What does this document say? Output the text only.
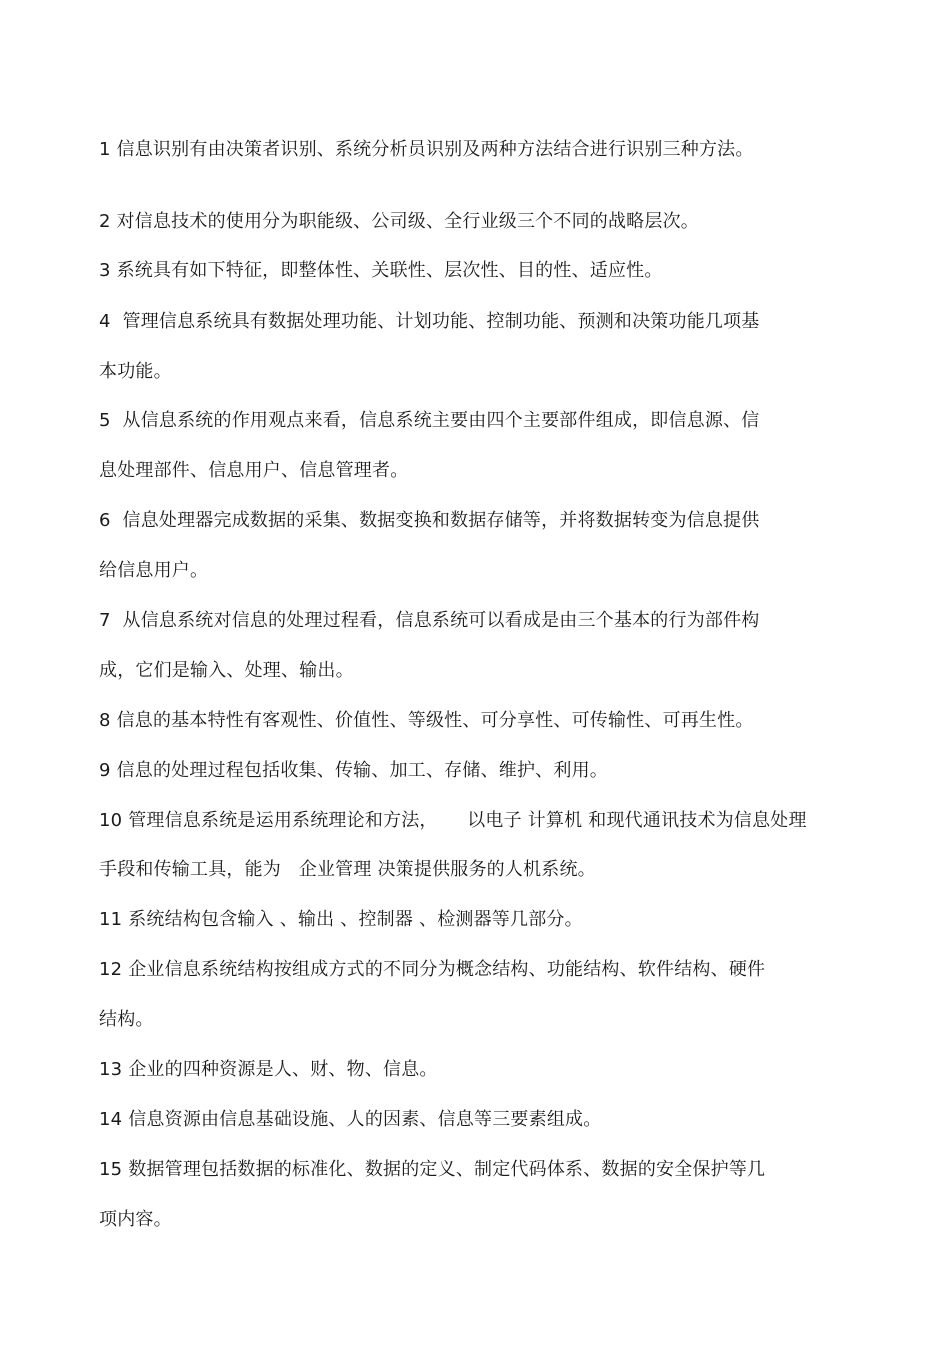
1 信息识别有由决策者识别、系统分析员识别及两种方法结合进行识别三种方法。
2 对信息技术的使用分为职能级、公司级、全行业级三个不同的战略层次。
3 系统具有如下特征，即整体性、关联性、层次性、目的性、适应性。
4  管理信息系统具有数据处理功能、计划功能、控制功能、预测和决策功能几项基
本功能。
5  从信息系统的作用观点来看，信息系统主要由四个主要部件组成，即信息源、信
息处理部件、信息用户、信息管理者。
6  信息处理器完成数据的采集、数据变换和数据存储等，并将数据转变为信息提供
给信息用户。
7  从信息系统对信息的处理过程看，信息系统可以看成是由三个基本的行为部件构
成，它们是输入、处理、输出。
8 信息的基本特性有客观性、价值性、等级性、可分享性、可传输性、可再生性。
9 信息的处理过程包括收集、传输、加工、存储、维护、利用。
10 管理信息系统是运用系统理论和方法，     以电子 计算机 和现代通讯技术为信息处理
手段和传输工具，能为   企业管理 决策提供服务的人机系统。
11 系统结构包含输入 、输出 、控制器 、检测器等几部分。
12 企业信息系统结构按组成方式的不同分为概念结构、功能结构、软件结构、硬件
结构。
13 企业的四种资源是人、财、物、信息。
14 信息资源由信息基础设施、人的因素、信息等三要素组成。
15 数据管理包括数据的标准化、数据的定义、制定代码体系、数据的安全保护等几
项内容。
